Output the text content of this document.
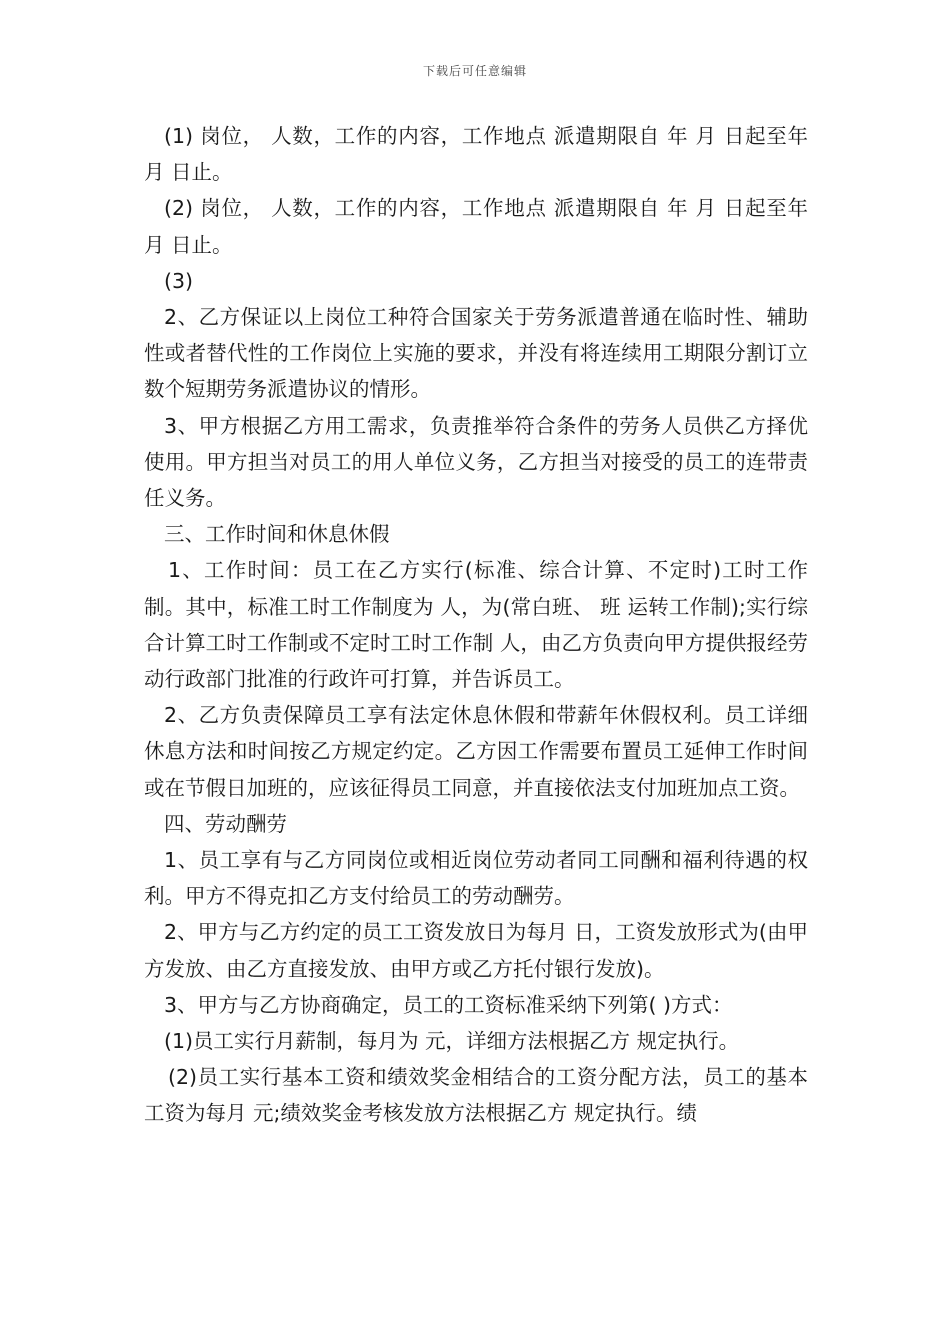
下载后可任意编辑

(1) 岗位， 人数，工作的内容，工作地点 派遣期限自 年 月 日起至年 月 日止。

(2) 岗位， 人数，工作的内容，工作地点 派遣期限自 年 月 日起至年 月 日止。

(3)

2、乙方保证以上岗位工种符合国家关于劳务派遣普通在临时性、辅助性或者替代性的工作岗位上实施的要求，并没有将连续用工期限分割订立数个短期劳务派遣协议的情形。

3、甲方根据乙方用工需求，负责推举符合条件的劳务人员供乙方择优使用。甲方担当对员工的用人单位义务，乙方担当对接受的员工的连带责任义务。

三、工作时间和休息休假

1、工作时间：员工在乙方实行(标准、综合计算、不定时)工时工作制。其中，标准工时工作制度为 人，为(常白班、 班 运转工作制);实行综合计算工时工作制或不定时工时工作制 人，由乙方负责向甲方提供报经劳动行政部门批准的行政许可打算，并告诉员工。

2、乙方负责保障员工享有法定休息休假和带薪年休假权利。员工详细休息方法和时间按乙方规定约定。乙方因工作需要布置员工延伸工作时间或在节假日加班的，应该征得员工同意，并直接依法支付加班加点工资。

四、劳动酬劳

1、员工享有与乙方同岗位或相近岗位劳动者同工同酬和福利待遇的权利。甲方不得克扣乙方支付给员工的劳动酬劳。

2、甲方与乙方约定的员工工资发放日为每月 日，工资发放形式为(由甲方发放、由乙方直接发放、由甲方或乙方托付银行发放)。

3、甲方与乙方协商确定，员工的工资标准采纳下列第( )方式：

(1)员工实行月薪制，每月为 元，详细方法根据乙方 规定执行。

(2)员工实行基本工资和绩效奖金相结合的工资分配方法，员工的基本工资为每月 元;绩效奖金考核发放方法根据乙方 规定执行。绩
